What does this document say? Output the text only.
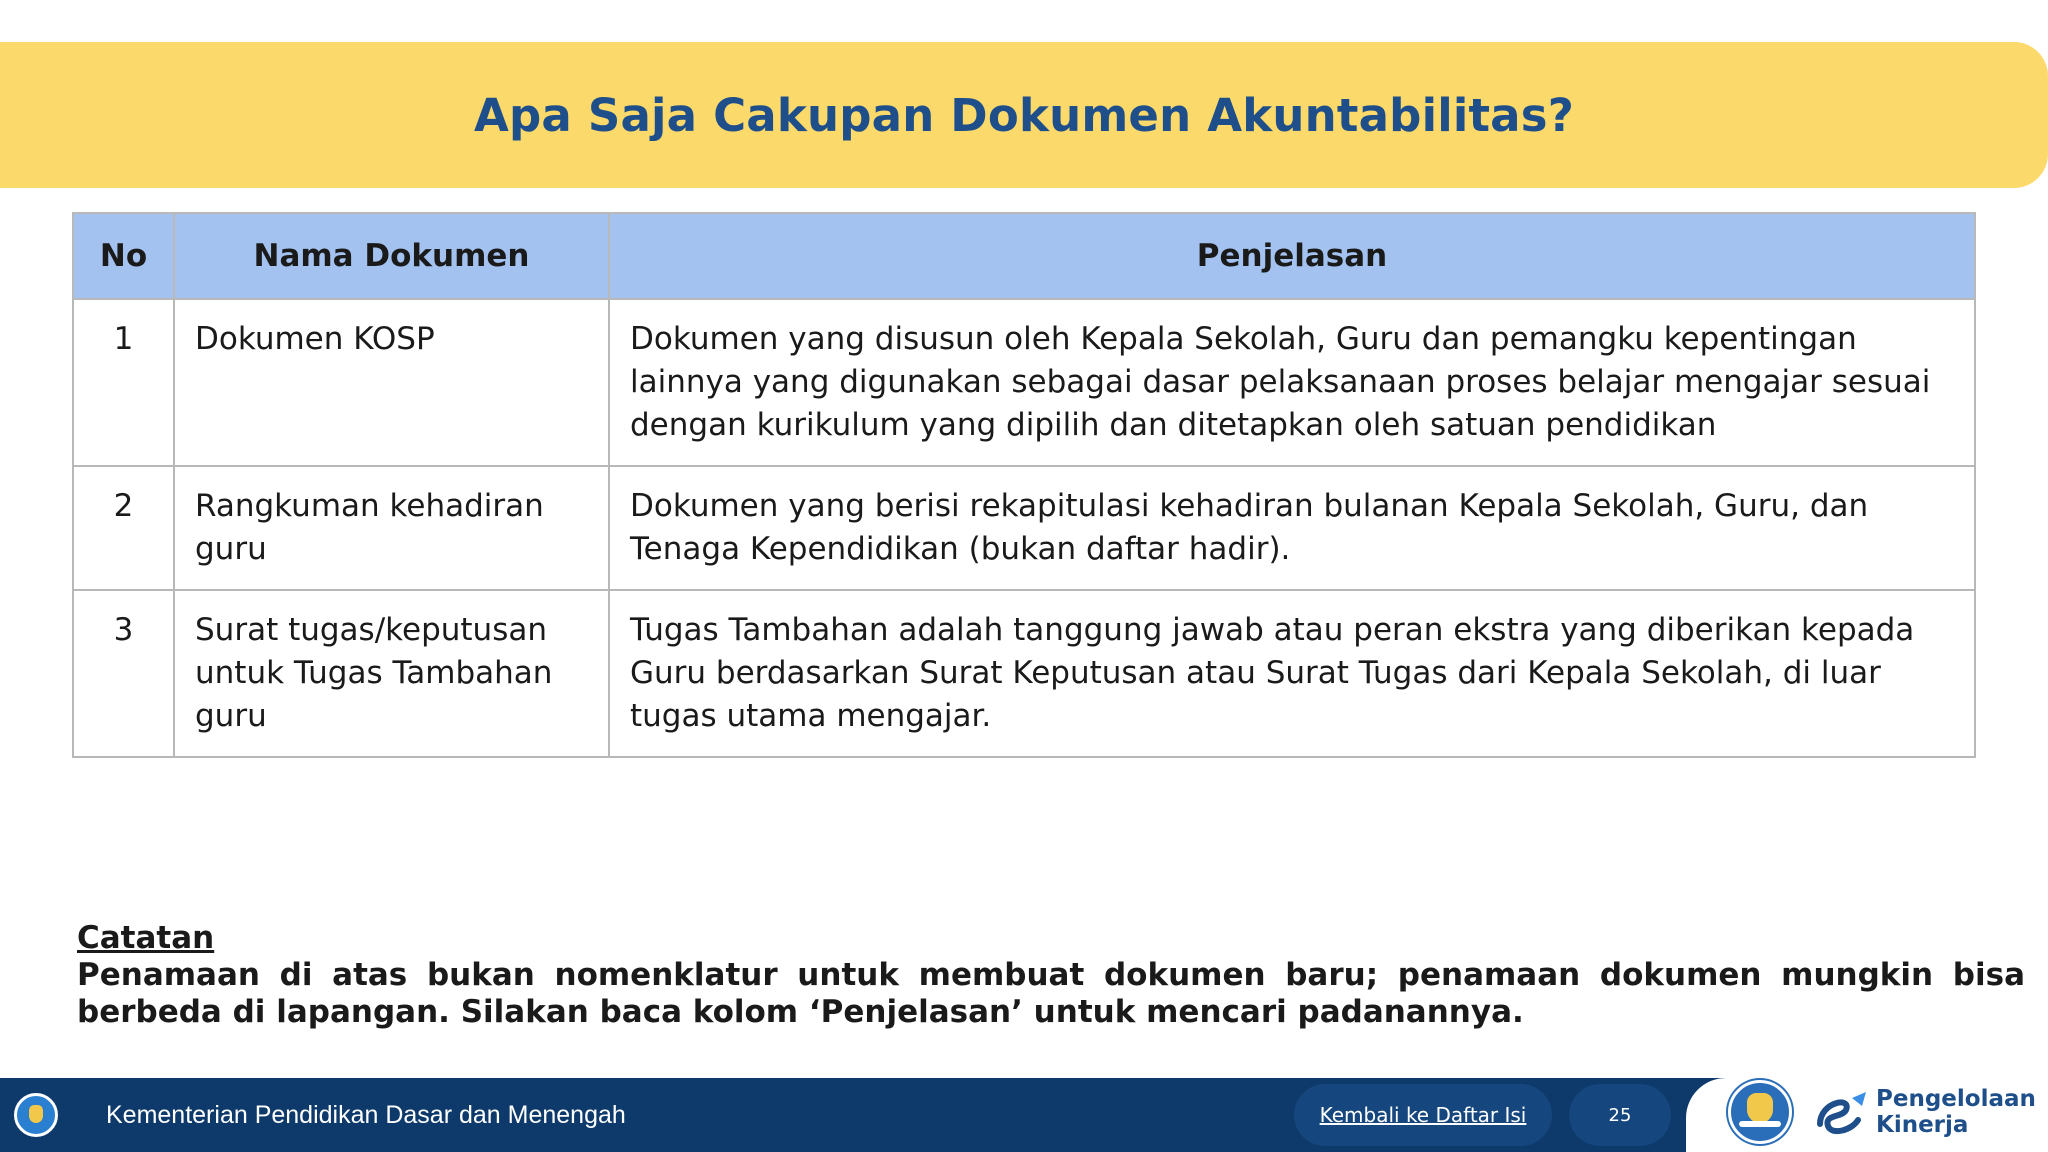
Apa Saja Cakupan Dokumen Akuntabilitas?
No	Nama Dokumen	Penjelasan
1	Dokumen KOSP	Dokumen yang disusun oleh Kepala Sekolah, Guru dan pemangku kepentingan lainnya yang digunakan sebagai dasar pelaksanaan proses belajar mengajar sesuai dengan kurikulum yang dipilih dan ditetapkan oleh satuan pendidikan
2	Rangkuman kehadiran guru	Dokumen yang berisi rekapitulasi kehadiran bulanan Kepala Sekolah, Guru, dan Tenaga Kependidikan (bukan daftar hadir).
3	Surat tugas/keputusan untuk Tugas Tambahan guru	Tugas Tambahan adalah tanggung jawab atau peran ekstra yang diberikan kepada Guru berdasarkan Surat Keputusan atau Surat Tugas dari Kepala Sekolah, di luar tugas utama mengajar.
Catatan
Penamaan di atas bukan nomenklatur untuk membuat dokumen baru; penamaan dokumen mungkin bisa berbeda di lapangan. Silakan baca kolom ‘Penjelasan’ untuk mencari padanannya.
Kementerian Pendidikan Dasar dan Menengah	Kembali ke Daftar Isi	25
Pengelolaan
Kinerja
